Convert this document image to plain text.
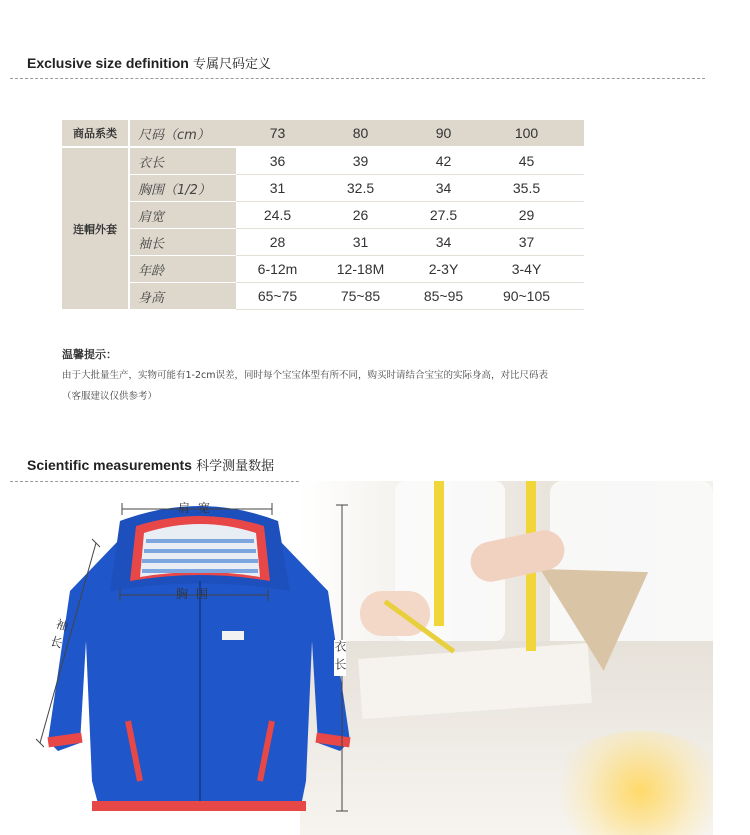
Exclusive size definition 专属尺码定义
商品系类	尺码（cm）	73	80	90	100	
连帽外套	衣长	36	39	42	45	
	胸围（1/2）	31	32.5	34	35.5	
	肩宽	24.5	26	27.5	29	
	袖长	28	31	34	37	
	年龄	6-12m	12-18M	2-3Y	3-4Y	
	身高	65~75	75~85	85~95	90~105	
温馨提示：
由于大批量生产，实物可能有1-2cm误差，同时每个宝宝体型有所不同，购买时请结合宝宝的实际身高，对比尺码表
（客服建议仅供参考）
Scientific measurements 科学测量数据
肩宽
胸围
袖长
衣长
